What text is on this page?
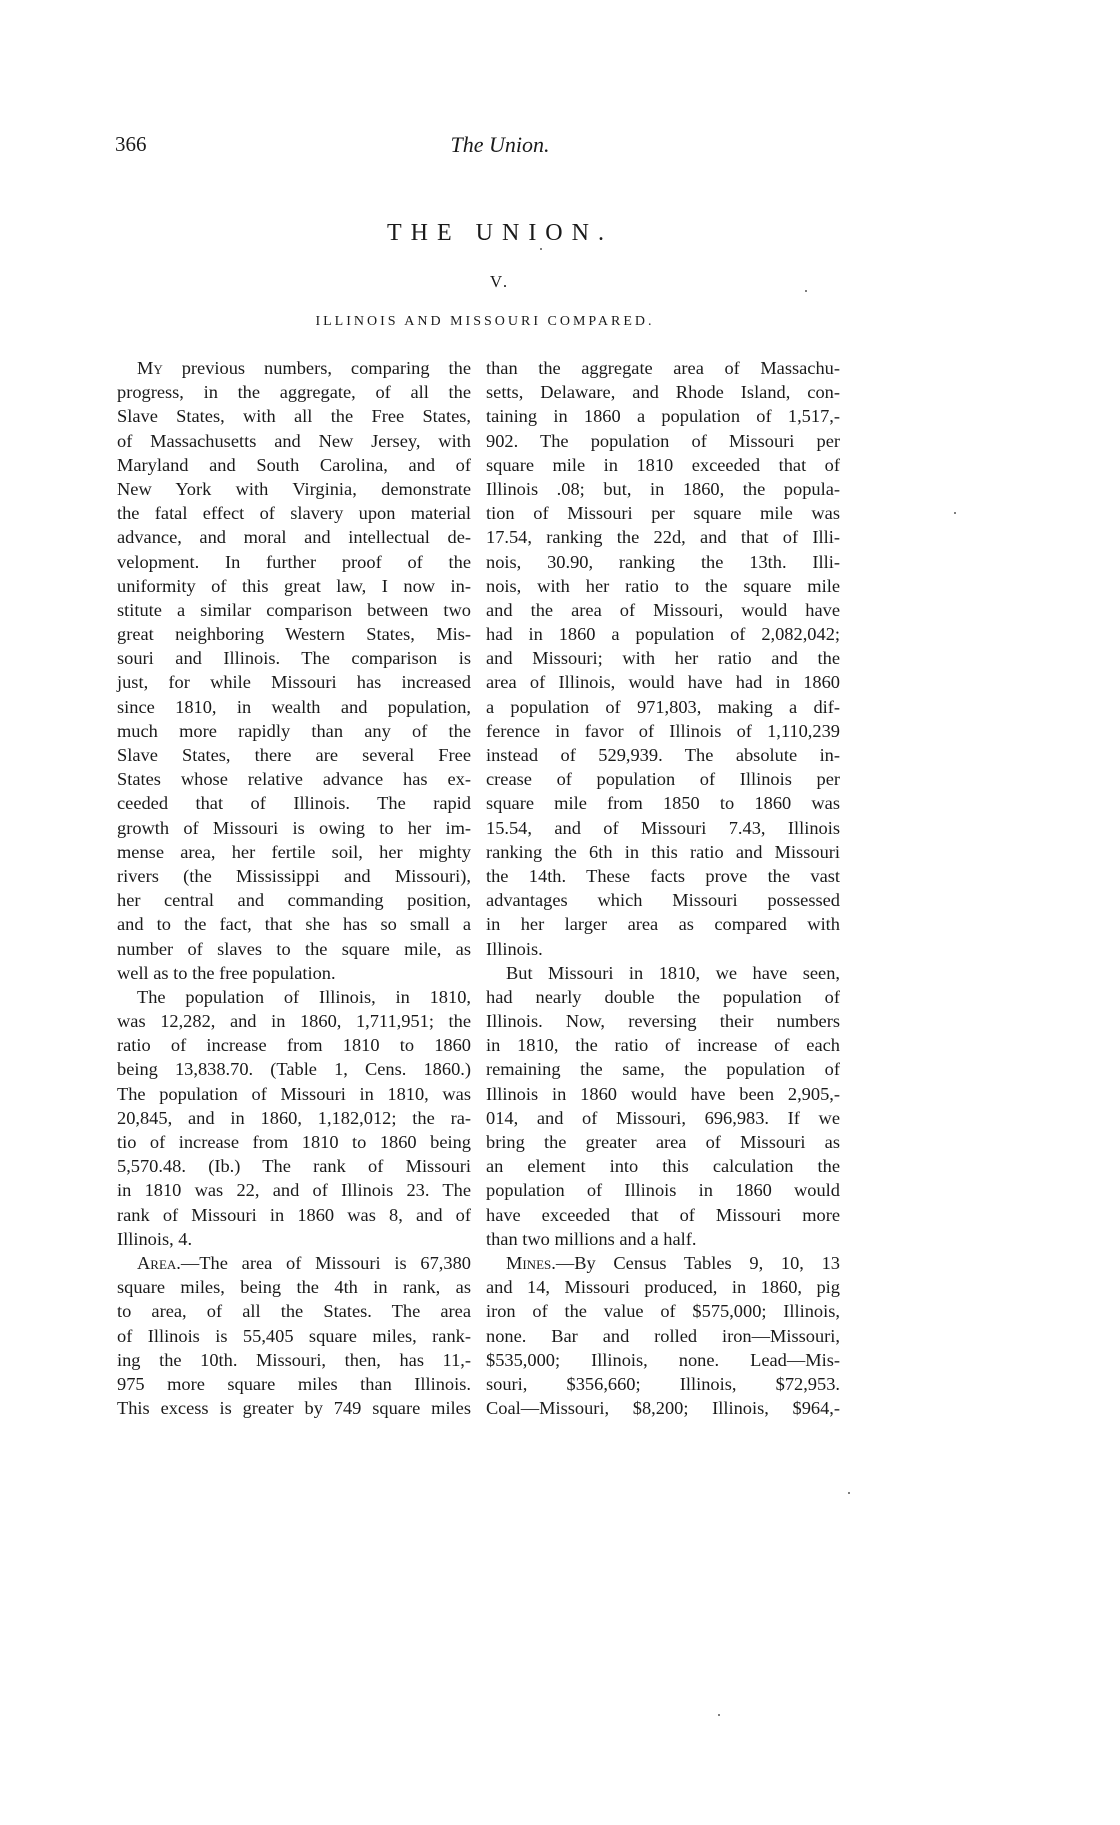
366	The Union.
THE UNION.
V.
ILLINOIS AND MISSOURI COMPARED.
My previous numbers, comparing the
progress, in the aggregate, of all the
Slave States, with all the Free States,
of Massachusetts and New Jersey, with
Maryland and South Carolina, and of
New York with Virginia, demonstrate
the fatal effect of slavery upon material
advance, and moral and intellectual de-
velopment. In further proof of the
uniformity of this great law, I now in-
stitute a similar comparison between two
great neighboring Western States, Mis-
souri and Illinois. The comparison is
just, for while Missouri has increased
since 1810, in wealth and population,
much more rapidly than any of the
Slave States, there are several Free
States whose relative advance has ex-
ceeded that of Illinois. The rapid
growth of Missouri is owing to her im-
mense area, her fertile soil, her mighty
rivers (the Mississippi and Missouri),
her central and commanding position,
and to the fact, that she has so small a
number of slaves to the square mile, as
well as to the free population.
The population of Illinois, in 1810,
was 12,282, and in 1860, 1,711,951; the
ratio of increase from 1810 to 1860
being 13,838.70. (Table 1, Cens. 1860.)
The population of Missouri in 1810, was
20,845, and in 1860, 1,182,012; the ra-
tio of increase from 1810 to 1860 being
5,570.48. (Ib.) The rank of Missouri
in 1810 was 22, and of Illinois 23. The
rank of Missouri in 1860 was 8, and of
Illinois, 4.
Area.—The area of Missouri is 67,380
square miles, being the 4th in rank, as
to area, of all the States. The area
of Illinois is 55,405 square miles, rank-
ing the 10th. Missouri, then, has 11,-
975 more square miles than Illinois.
This excess is greater by 749 square miles
than the aggregate area of Massachu-
setts, Delaware, and Rhode Island, con-
taining in 1860 a population of 1,517,-
902. The population of Missouri per
square mile in 1810 exceeded that of
Illinois .08; but, in 1860, the popula-
tion of Missouri per square mile was
17.54, ranking the 22d, and that of Illi-
nois, 30.90, ranking the 13th. Illi-
nois, with her ratio to the square mile
and the area of Missouri, would have
had in 1860 a population of 2,082,042;
and Missouri; with her ratio and the
area of Illinois, would have had in 1860
a population of 971,803, making a dif-
ference in favor of Illinois of 1,110,239
instead of 529,939. The absolute in-
crease of population of Illinois per
square mile from 1850 to 1860 was
15.54, and of Missouri 7.43, Illinois
ranking the 6th in this ratio and Missouri
the 14th. These facts prove the vast
advantages which Missouri possessed
in her larger area as compared with
Illinois.
But Missouri in 1810, we have seen,
had nearly double the population of
Illinois. Now, reversing their numbers
in 1810, the ratio of increase of each
remaining the same, the population of
Illinois in 1860 would have been 2,905,-
014, and of Missouri, 696,983. If we
bring the greater area of Missouri as
an element into this calculation the
population of Illinois in 1860 would
have exceeded that of Missouri more
than two millions and a half.
Mines.—By Census Tables 9, 10, 13
and 14, Missouri produced, in 1860, pig
iron of the value of $575,000; Illinois,
none. Bar and rolled iron—Missouri,
$535,000; Illinois, none. Lead—Mis-
souri, $356,660; Illinois, $72,953.
Coal—Missouri, $8,200; Illinois, $964,-
